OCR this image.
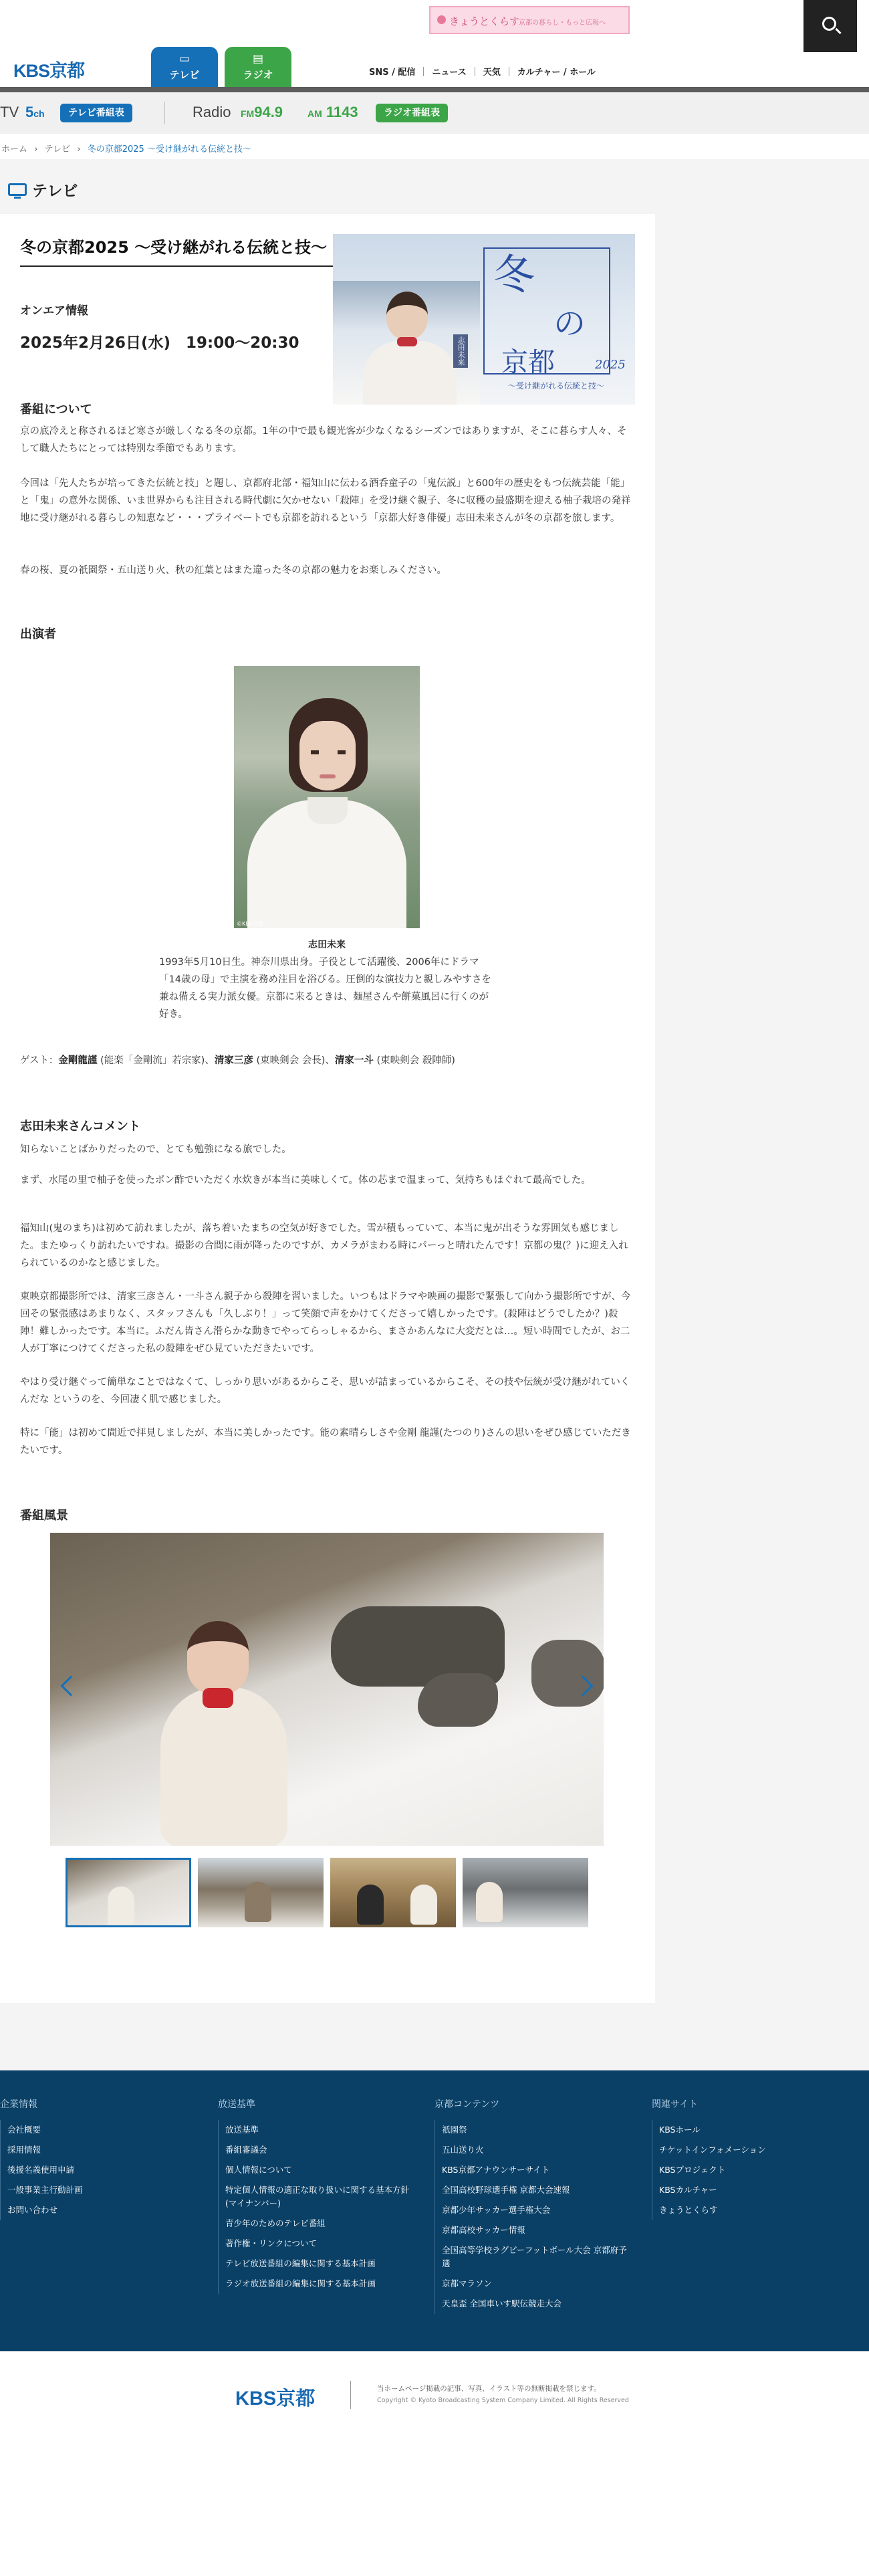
KBS京都
▭
テレビ
▤
ラジオ
きょうとくらす
京都の暮らし・もっと広報へ
SNS / 配信	ニュース	天気	カルチャー / ホール
TV 5ch	テレビ番組表	Radio FM94.9	AM 1143	ラジオ番組表
ホーム › テレビ › 冬の京都2025 〜受け継がれる伝統と技〜
テレビ
冬の京都2025 〜受け継がれる伝統と技〜
冬
の
京都	2025
〜受け継がれる伝統と技〜
志田未来
オンエア情報
2025年2月26日(水)　19:00〜20:30
番組について

京の底冷えと称されるほど寒さが厳しくなる冬の京都。1年の中で最も観光客が少なくなるシーズンではありますが、そこに暮らす人々、そして職人たちにとっては特別な季節でもあります。

今回は「先人たちが培ってきた伝統と技」と題し、京都府北部・福知山に伝わる酒呑童子の「鬼伝説」と600年の歴史をもつ伝統芸能「能」と「鬼」の意外な関係、いま世界からも注目される時代劇に欠かせない「殺陣」を受け継ぐ親子、冬に収穫の最盛期を迎える柚子栽培の発祥地に受け継がれる暮らしの知恵など・・・プライベートでも京都を訪れるという「京都大好き俳優」志田未来さんが冬の京都を旅します。

春の桜、夏の祇園祭・五山送り火、秋の紅葉とはまた違った冬の京都の魅力をお楽しみください。

出演者
©KBS京都
志田未来

1993年5月10日生。神奈川県出身。子役として活躍後、2006年にドラマ「14歳の母」で主演を務め注目を浴びる。圧倒的な演技力と親しみやすさを兼ね備える実力派女優。京都に来るときは、麺屋さんや餅菓風呂に行くのが好き。

ゲスト：金剛龍謹 (能楽「金剛流」若宗家)、清家三彦 (東映剣会 会長)、清家一斗 (東映剣会 殺陣師)

志田未来さんコメント

知らないことばかりだったので、とても勉強になる旅でした。

まず、水尾の里で柚子を使ったポン酢でいただく水炊きが本当に美味しくて。体の芯まで温まって、気持ちもほぐれて最高でした。

福知山(鬼のまち)は初めて訪れましたが、落ち着いたまちの空気が好きでした。雪が積もっていて、本当に鬼が出そうな雰囲気も感じました。またゆっくり訪れたいですね。撮影の合間に雨が降ったのですが、カメラがまわる時にパーっと晴れたんです！京都の鬼(？)に迎え入れられているのかなと感じました。

東映京都撮影所では、清家三彦さん・一斗さん親子から殺陣を習いました。いつもはドラマや映画の撮影で緊張して向かう撮影所ですが、今回その緊張感はあまりなく、スタッフさんも「久しぶり！」って笑顔で声をかけてくださって嬉しかったです。(殺陣はどうでしたか？)殺陣！難しかったです。本当に。ふだん皆さん滑らかな動きでやってらっしゃるから、まさかあんなに大変だとは…。短い時間でしたが、お二人が丁寧につけてくださった私の殺陣をぜひ見ていただきたいです。

やはり受け継ぐって簡単なことではなくて、しっかり思いがあるからこそ、思いが詰まっているからこそ、その技や伝統が受け継がれていくんだな というのを、今回凄く肌で感じました。

特に「能」は初めて間近で拝見しましたが、本当に美しかったです。能の素晴らしさや金剛 龍謹(たつのり)さんの思いをぜひ感じていただきたいです。

番組風景
企業情報
会社概要
採用情報
後援名義使用申請
一般事業主行動計画
お問い合わせ
放送基準
放送基準
番組審議会
個人情報について
特定個人情報の適正な取り扱いに関する基本方針(マイナンバー)
青少年のためのテレビ番組
著作権・リンクについて
テレビ放送番組の編集に関する基本計画
ラジオ放送番組の編集に関する基本計画
京都コンテンツ
祇園祭
五山送り火
KBS京都アナウンサーサイト
全国高校野球選手権 京都大会速報
京都少年サッカー選手権大会
京都高校サッカー情報
全国高等学校ラグビーフットボール大会 京都府予選
京都マラソン
天皇盃 全国車いす駅伝競走大会
関連サイト
KBSホール
チケットインフォメーション
KBSプロジェクト
KBSカルチャー
きょうとくらす
KBS京都	当ホームページ掲載の記事、写真、イラスト等の無断掲載を禁じます。
Copyright © Kyoto Broadcasting System Company Limited. All Rights Reserved
